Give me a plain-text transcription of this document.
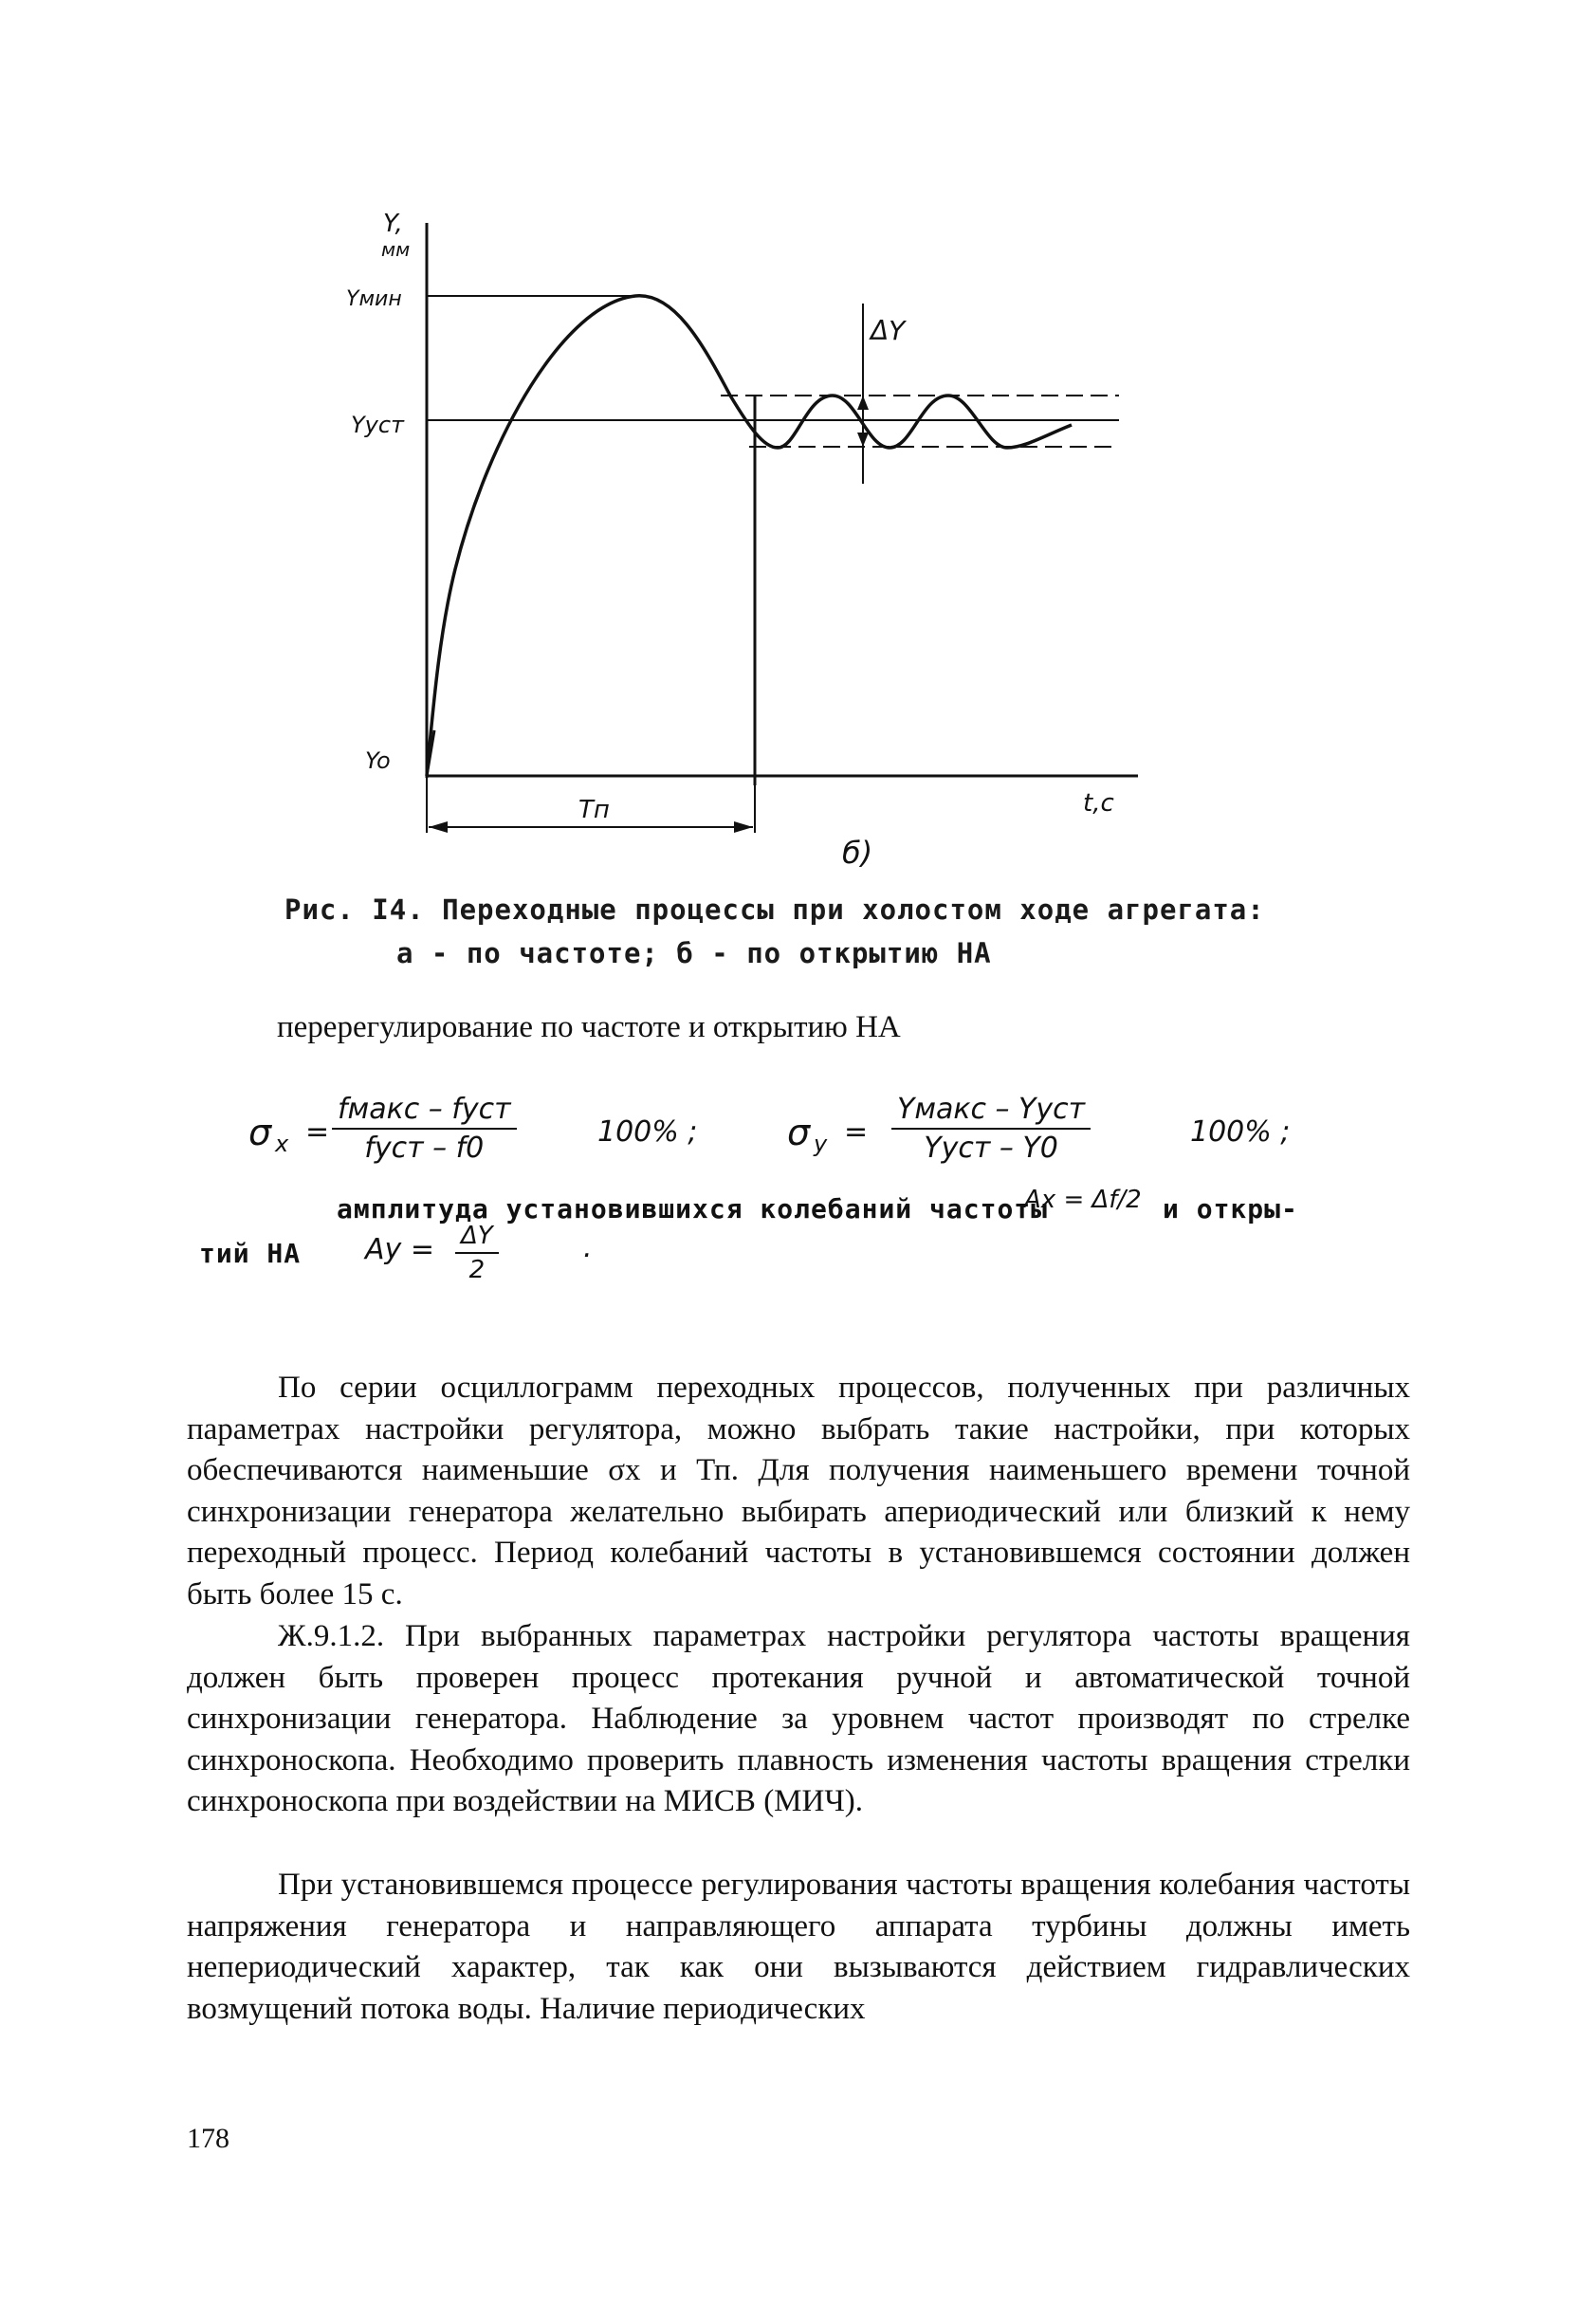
Y,
мм
Yмин
Yуст
Yo
ΔY
Тп	t,c
б)
Рис. I4. Переходные процессы при холостом ходе агрегата:
а - по частоте; б - по открытию НА
перерегулирование по частоте и открытию НА
σ x =
fмакс – fуст
fуст – f0	100% ; σ y =
Yмакс – Yуст
Yуст – Y0	100% ;
амплитуда установившихся колебаний частоты
Ax = Δf/2 и откры-
тий НА $Ay = \frac{\Delta Y}{2}$	.

По серии осциллограмм переходных процессов, полученных при различных параметрах настройки регулятора, можно выбрать такие настройки, при которых обеспечиваются наименьшие σх и Тп. Для получения наименьшего времени точной синхронизации генератора желательно выбирать апериодический или близкий к нему переходный процесс. Период колебаний частоты в установившемся состоянии должен быть более 15 с.

Ж.9.1.2. При выбранных параметрах настройки регулятора частоты вращения должен быть проверен процесс протекания ручной и автоматической точной синхронизации генератора. Наблюдение за уровнем частот производят по стрелке синхроноскопа. Необходимо проверить плавность изменения частоты вращения стрелки синхроноскопа при воздействии на МИСВ (МИЧ).

При установившемся процессе регулирования частоты вращения колебания частоты напряжения генератора и направляющего аппарата турбины должны иметь непериодический характер, так как они вызываются действием гидравлических возмущений потока воды. Наличие периодических

178
